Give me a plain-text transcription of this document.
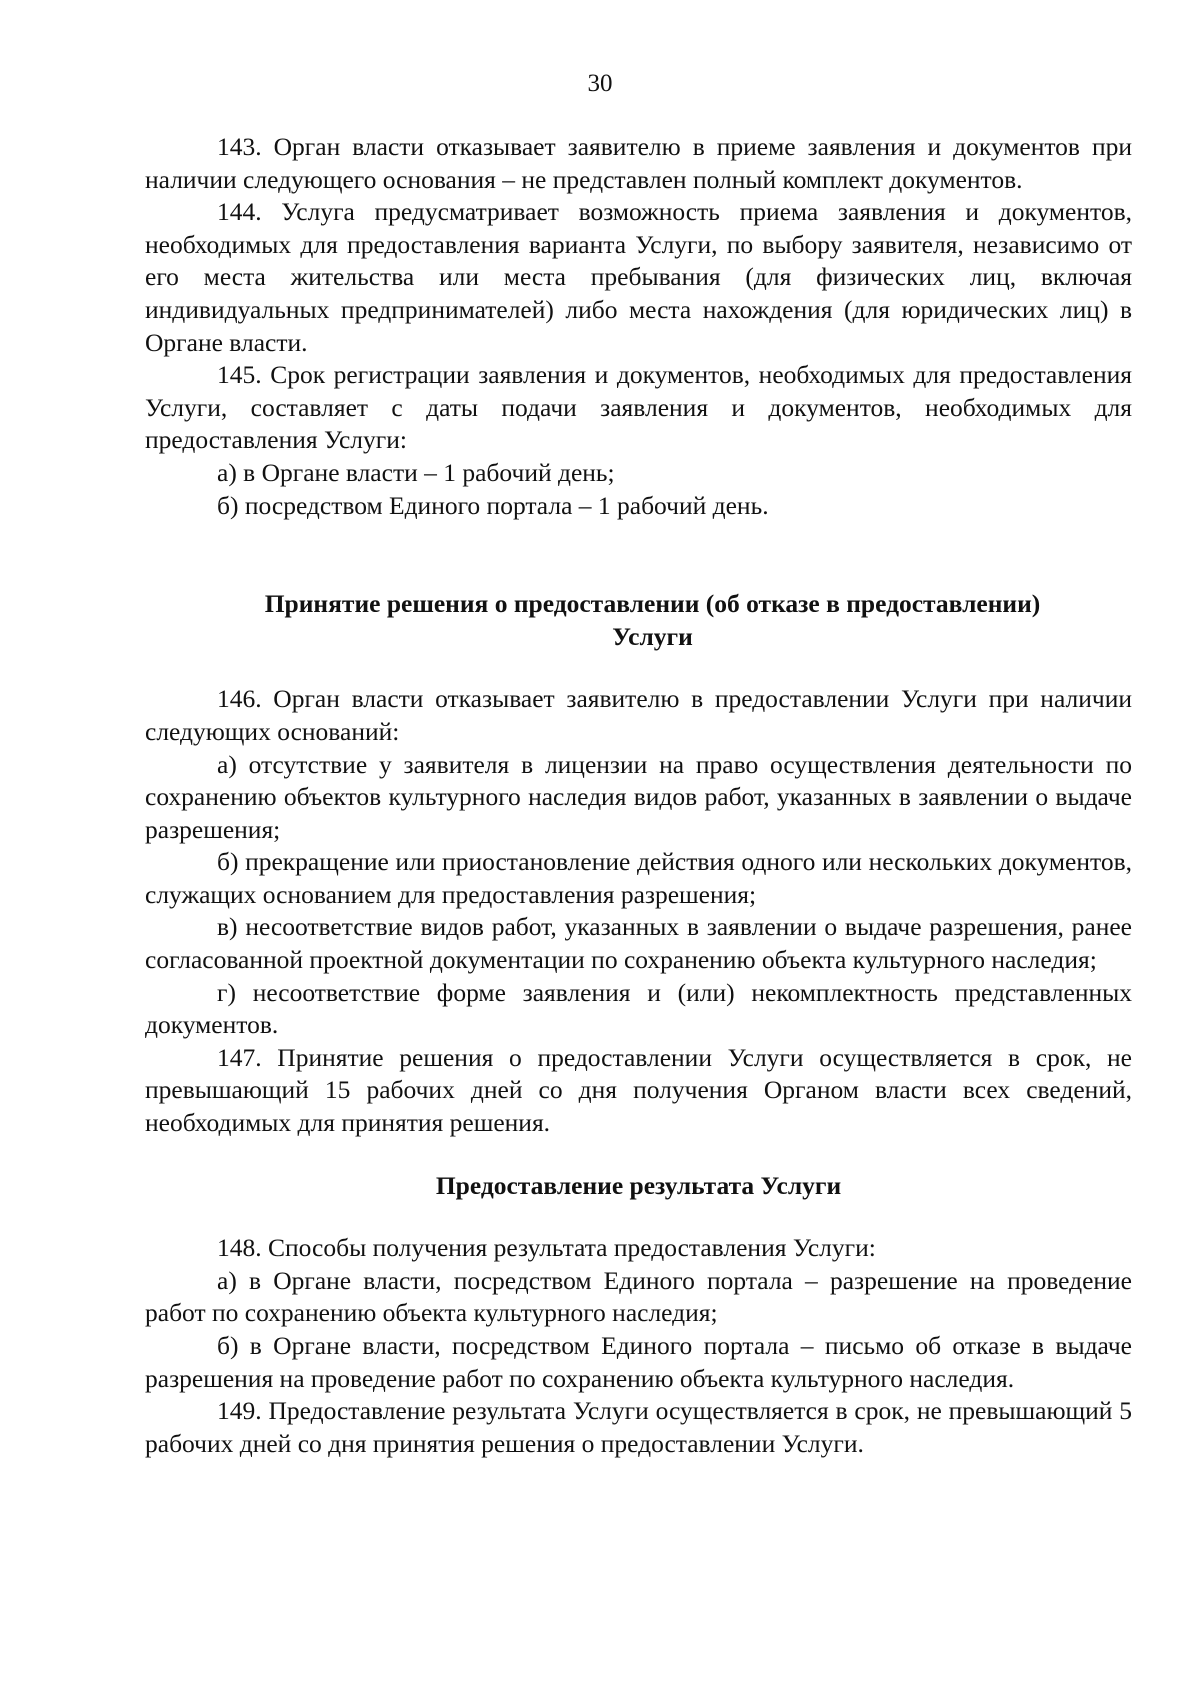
30

143. Орган власти отказывает заявителю в приеме заявления и документов при наличии следующего основания – не представлен полный комплект документов.

144. Услуга предусматривает возможность приема заявления и документов, необходимых для предоставления варианта Услуги, по выбору заявителя, независимо от его места жительства или места пребывания (для физических лиц, включая индивидуальных предпринимателей) либо места нахождения (для юридических лиц) в Органе власти.

145. Срок регистрации заявления и документов, необходимых для предоставления Услуги, составляет с даты подачи заявления и документов, необходимых для предоставления Услуги:

а) в Органе власти – 1 рабочий день;

б) посредством Единого портала – 1 рабочий день.

Принятие решения о предоставлении (об отказе в предоставлении)

Услуги

146. Орган власти отказывает заявителю в предоставлении Услуги при наличии следующих оснований:

а) отсутствие у заявителя в лицензии на право осуществления деятельности по сохранению объектов культурного наследия видов работ, указанных в заявлении о выдаче разрешения;

б) прекращение или приостановление действия одного или нескольких документов, служащих основанием для предоставления разрешения;

в) несоответствие видов работ, указанных в заявлении о выдаче разрешения, ранее согласованной проектной документации по сохранению объекта культурного наследия;

г) несоответствие форме заявления и (или) некомплектность представленных документов.

147. Принятие решения о предоставлении Услуги осуществляется в срок, не превышающий 15 рабочих дней со дня получения Органом власти всех сведений, необходимых для принятия решения.

Предоставление результата Услуги

148. Способы получения результата предоставления Услуги:

а) в Органе власти, посредством Единого портала – разрешение на проведение работ по сохранению объекта культурного наследия;

б) в Органе власти, посредством Единого портала – письмо об отказе в выдаче разрешения на проведение работ по сохранению объекта культурного наследия.

149. Предоставление результата Услуги осуществляется в срок, не превышающий 5 рабочих дней со дня принятия решения о предоставлении Услуги.
